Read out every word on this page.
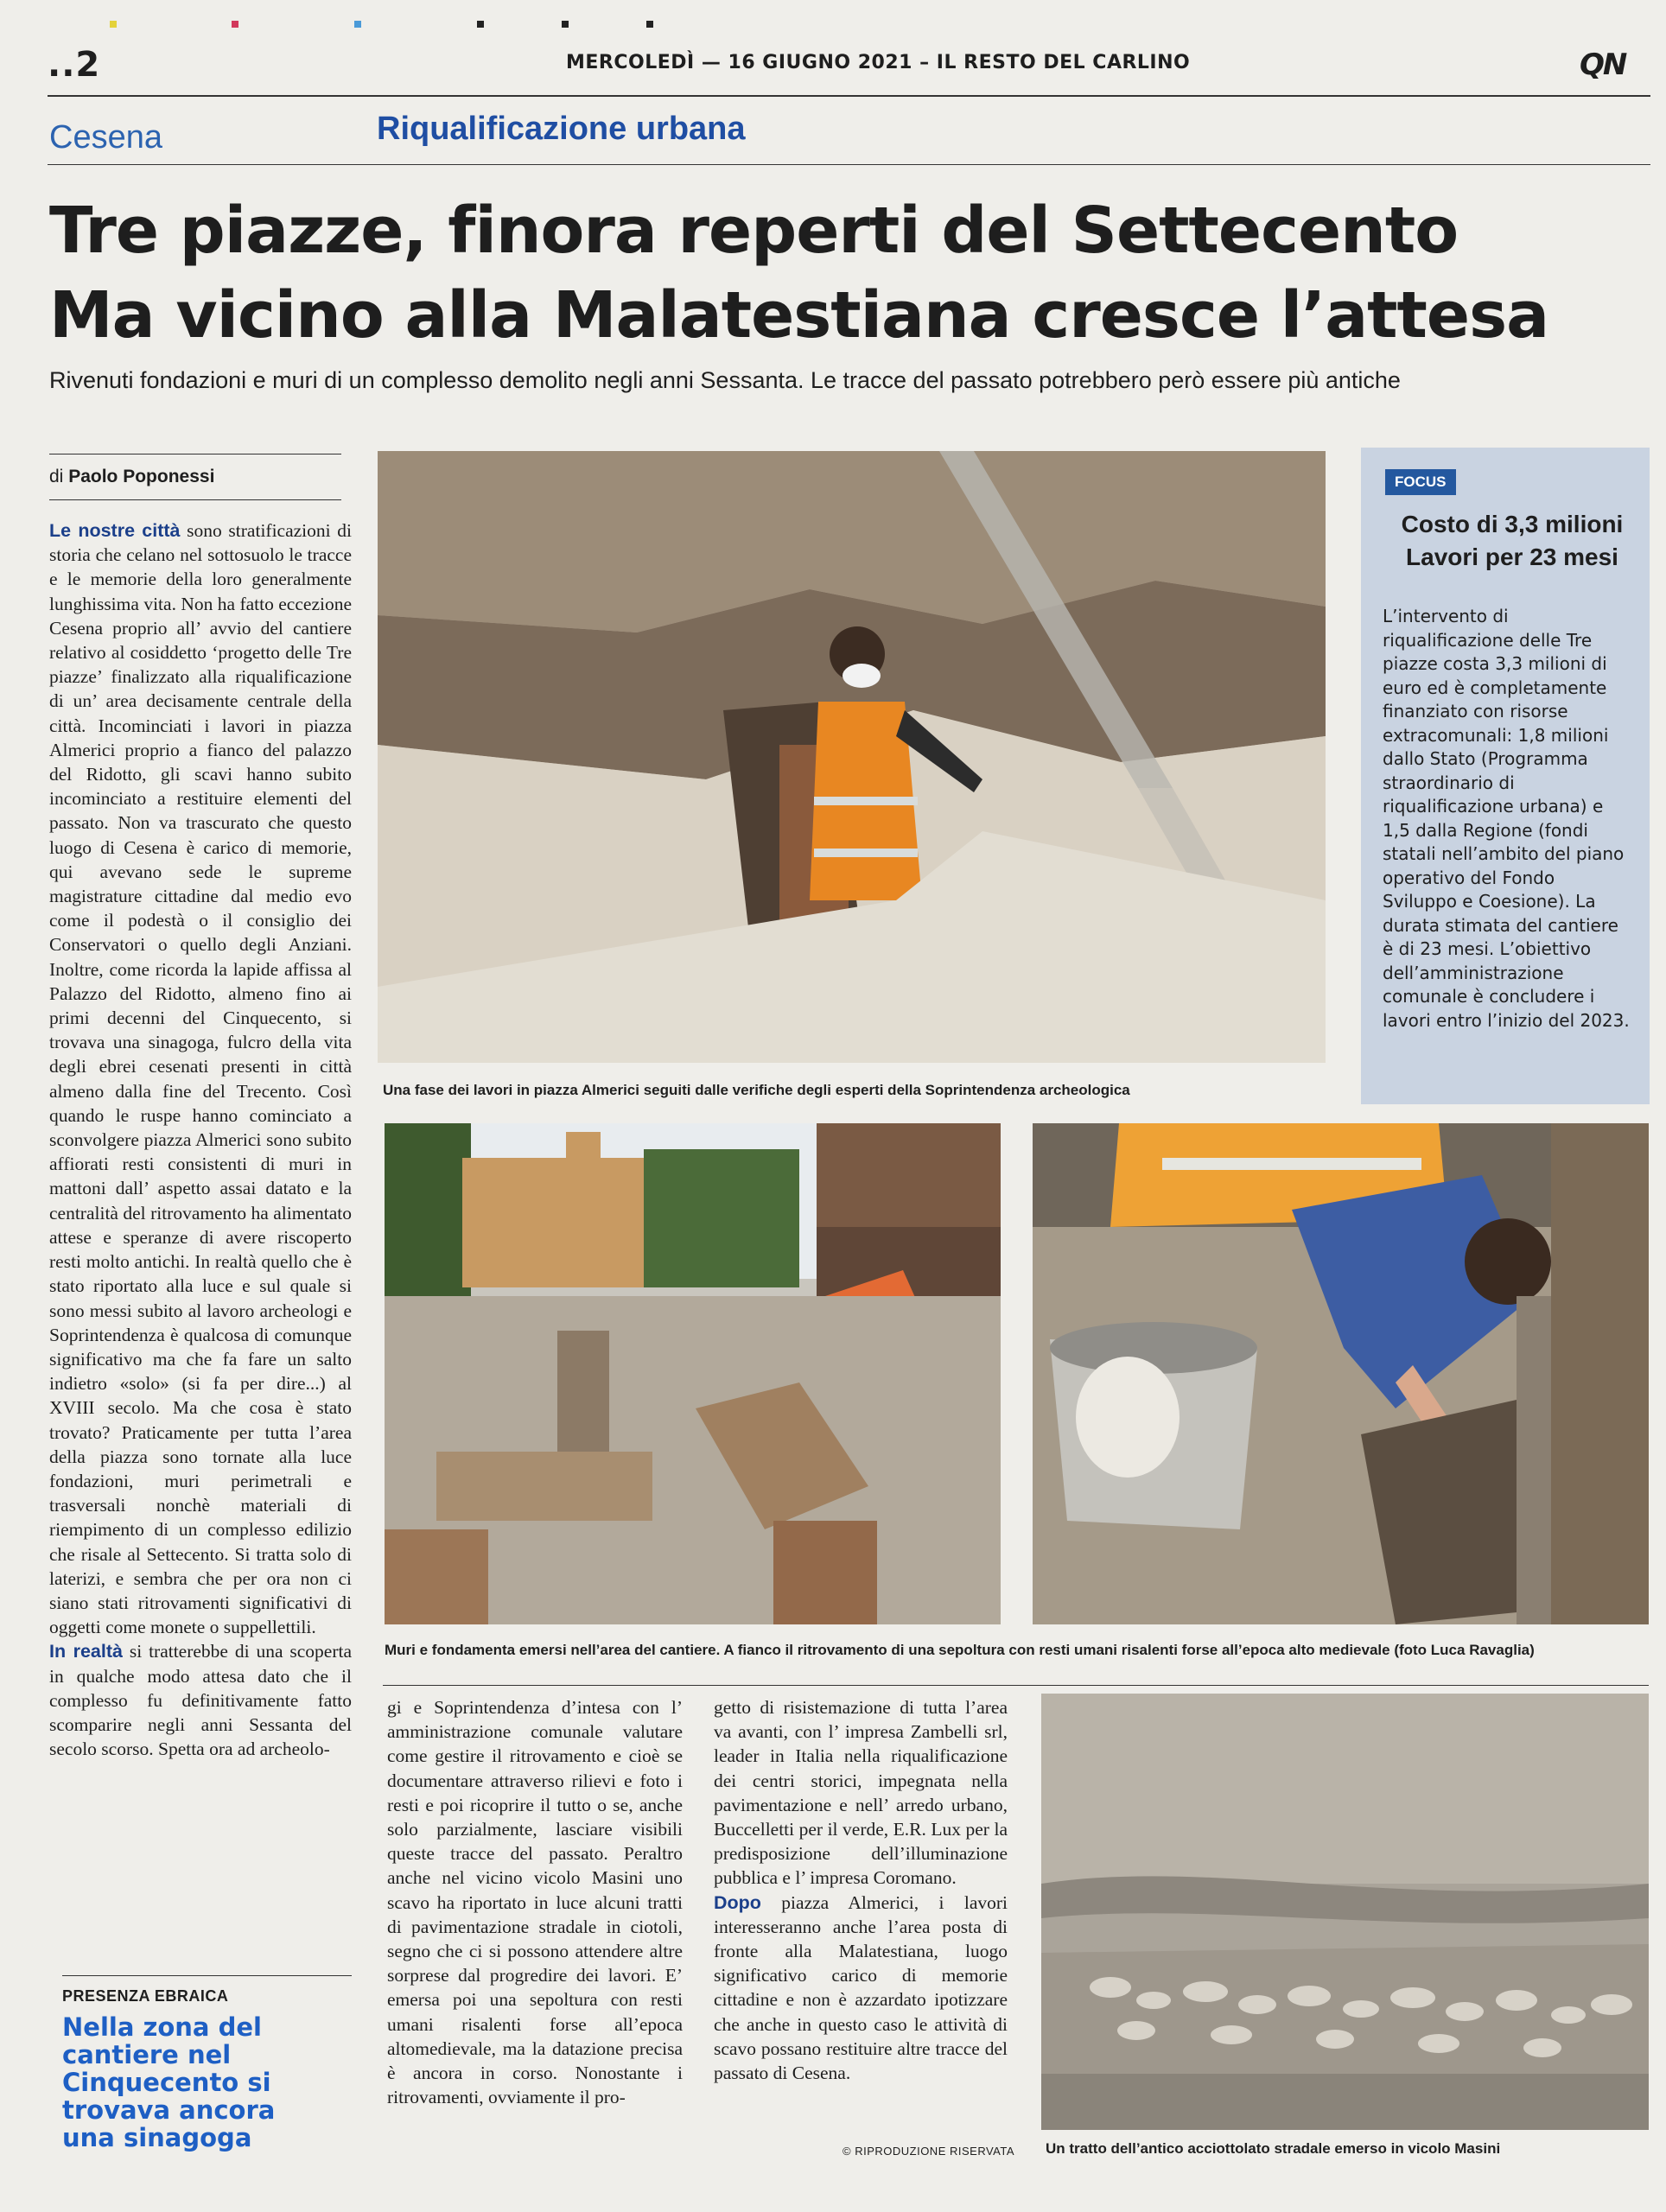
..2	MERCOLEDÌ — 16 GIUGNO 2021 – IL RESTO DEL CARLINO	QN
Cesena	Riqualificazione urbana
Tre piazze, finora reperti del Settecento
Ma vicino alla Malatestiana cresce l’attesa
Rivenuti fondazioni e muri di un complesso demolito negli anni Sessanta. Le tracce del passato potrebbero però essere più antiche
di Paolo Poponessi

Le nostre città sono stratificazioni di storia che celano nel sottosuolo le tracce e le memorie della loro generalmente lunghissima vita. Non ha fatto eccezione Cesena proprio all’ avvio del cantiere relativo al cosiddetto ‘progetto delle Tre piazze’ finalizzato alla riqualificazione di un’ area decisamente centrale della città. Incominciati i lavori in piazza Almerici proprio a fianco del palazzo del Ridotto, gli scavi hanno subito incominciato a restituire elementi del passato. Non va trascurato che questo luogo di Cesena è carico di memorie, qui avevano sede le supreme magistrature cittadine dal medio evo come il podestà o il consiglio dei Conservatori o quello degli Anziani. Inoltre, come ricorda la lapide affissa al Palazzo del Ridotto, almeno fino ai primi decenni del Cinquecento, si trovava una sinagoga, fulcro della vita degli ebrei cesenati presenti in città almeno dalla fine del Trecento. Così quando le ruspe hanno cominciato a sconvolgere piazza Almerici sono subito affiorati resti consistenti di muri in mattoni dall’ aspetto assai datato e la centralità del ritrovamento ha alimentato attese e speranze di avere riscoperto resti molto antichi. In realtà quello che è stato riportato alla luce e sul quale si sono messi subito al lavoro archeologi e Soprintendenza è qualcosa di comunque significativo ma che fa fare un salto indietro «solo» (si fa per dire...) al XVIII secolo. Ma che cosa è stato trovato? Praticamente per tutta l’area della piazza sono tornate alla luce fondazioni, muri perimetrali e trasversali nonchè materiali di riempimento di un complesso edilizio che risale al Settecento. Si tratta solo di laterizi, e sembra che per ora non ci siano stati ritrovamenti significativi di oggetti come monete o suppellettili.

In realtà si tratterebbe di una scoperta in qualche modo attesa dato che il complesso fu definitivamente fatto scomparire negli anni Sessanta del secolo scorso. Spetta ora ad archeolo-

PRESENZA EBRAICA
Nella zona del cantiere nel Cinquecento si trovava ancora una sinagoga
Una fase dei lavori in piazza Almerici seguiti dalle verifiche degli esperti della Soprintendenza archeologica
FOCUS
Costo di 3,3 milioni Lavori per 23 mesi
L’intervento di riqualificazione delle Tre piazze costa 3,3 milioni di euro ed è completamente finanziato con risorse extracomunali: 1,8 milioni dallo Stato (Programma straordinario di riqualificazione urbana) e 1,5 dalla Regione (fondi statali nell’ambito del piano operativo del Fondo Sviluppo e Coesione). La durata stimata del cantiere è di 23 mesi. L’obiettivo dell’amministrazione comunale è concludere i lavori entro l’inizio del 2023.
Muri e fondamenta emersi nell’area del cantiere. A fianco il ritrovamento di una sepoltura con resti umani risalenti forse all’epoca alto medievale (foto Luca Ravaglia)

gi e Soprintendenza d’intesa con l’ amministrazione comunale valutare come gestire il ritrovamento e cioè se documentare attraverso rilievi e foto i resti e poi ricoprire il tutto o se, anche solo parzialmente, lasciare visibili queste tracce del passato. Peraltro anche nel vicino vicolo Masini uno scavo ha riportato in luce alcuni tratti di pavimentazione stradale in ciotoli, segno che ci si possono attendere altre sorprese dal progredire dei lavori. E’ emersa poi una sepoltura con resti umani risalenti forse all’epoca altomedievale, ma la datazione precisa è ancora in corso. Nonostante i ritrovamenti, ovviamente il pro-

getto di risistemazione di tutta l’area va avanti, con l’ impresa Zambelli srl, leader in Italia nella riqualificazione dei centri storici, impegnata nella pavimentazione e nell’ arredo urbano, Buccelletti per il verde, E.R. Lux per la predisposizione dell’illuminazione pubblica e l’ impresa Coromano.

Dopo piazza Almerici, i lavori interesseranno anche l’area posta di fronte alla Malatestiana, luogo significativo carico di memorie cittadine e non è azzardato ipotizzare che anche in questo caso le attività di scavo possano restituire altre tracce del passato di Cesena.

© RIPRODUZIONE RISERVATA Un tratto dell’antico acciottolato stradale emerso in vicolo Masini
